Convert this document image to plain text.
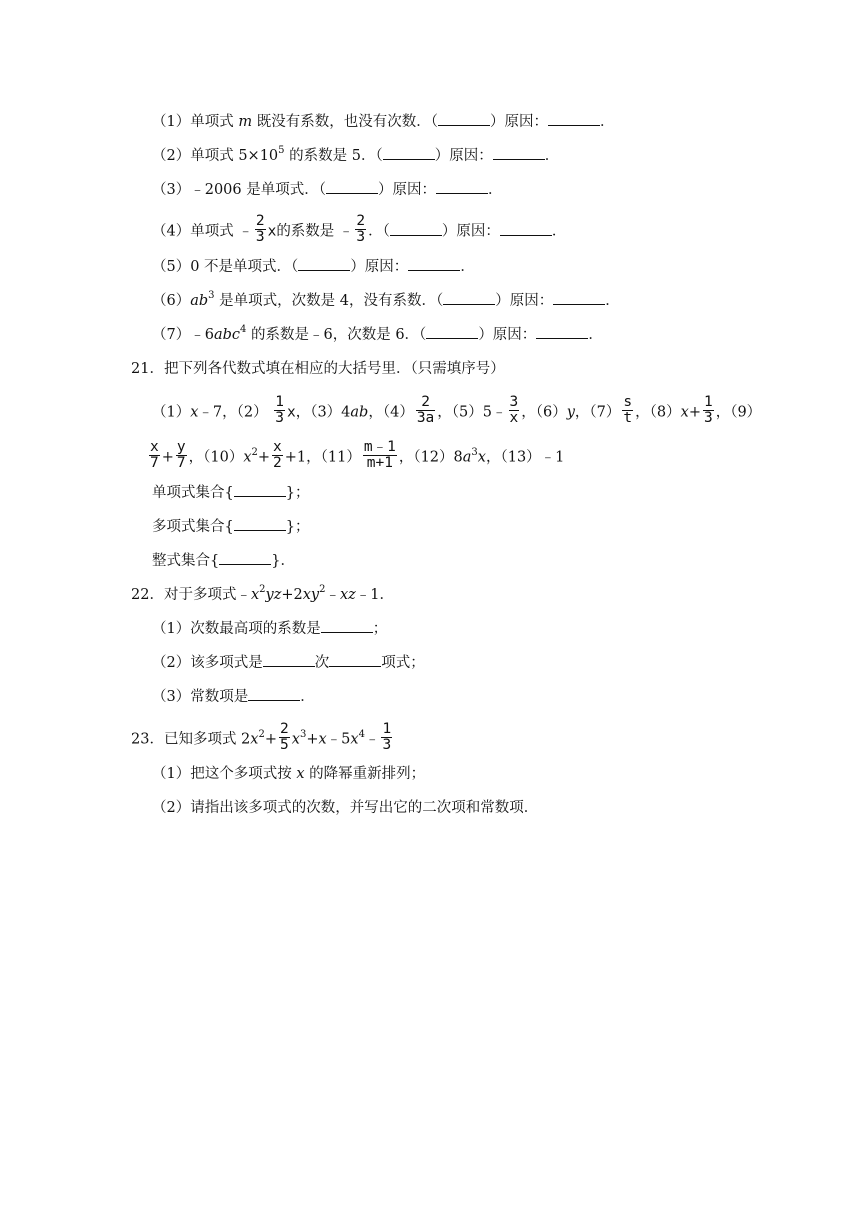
（1）单项式 m 既没有系数，也没有次数．（	）原因：	．
（2）单项式 $5\times 10^5$ 的系数是 5．（	）原因：	．
（3）﹣2006 是单项式．（	）原因：	．
（4）单项式 ﹣ $\frac{2}{3}$ x的系数是 ﹣ $\frac{2}{3}$ ．（	）原因：	．
（5）0 不是单项式．（	）原因：	．
$(6)ab^3$ 是单项式，次数是 4，没有系数．（	）原因：	．
（7）﹣6abc$^4$ 的系数是﹣6，次数是 6．（	）原因：	．
21．把下列各代数式填在相应的大括号里．（只需填序号）
（1）x﹣7，$(2) \frac{1}{3}$ x，（3）4ab，$(4) \frac{2}{3a}$ ，（5）5﹣ $\frac{3}{x}$ ，（6）y，$(7) \frac{s}{t}$ ，$(8)x+ \frac{1}{3}$ ，（9）
$\frac{x}{7} + \frac{y}{7}$ ，$(10)x^2+ \frac{x}{2} +1$，$(11) \frac{m﹣1}{m+1}$ ，$(12)8a^3x$，（13）﹣1
单项式集合{	}；
多项式集合{	}；
整式集合{	}．
22．对于多项式$﹣x^2yz+2xy^2﹣xz﹣1$．
（1）次数最高项的系数是	；
（2）该多项式是	次	项式；
（3）常数项是	．
23．已知多项式 $2x^2+ \frac{2}{5}$ $x^3+x﹣5x^4﹣ \frac{1}{3}$
（1）把这个多项式按 x 的降幂重新排列；
（2）请指出该多项式的次数，并写出它的二次项和常数项．
